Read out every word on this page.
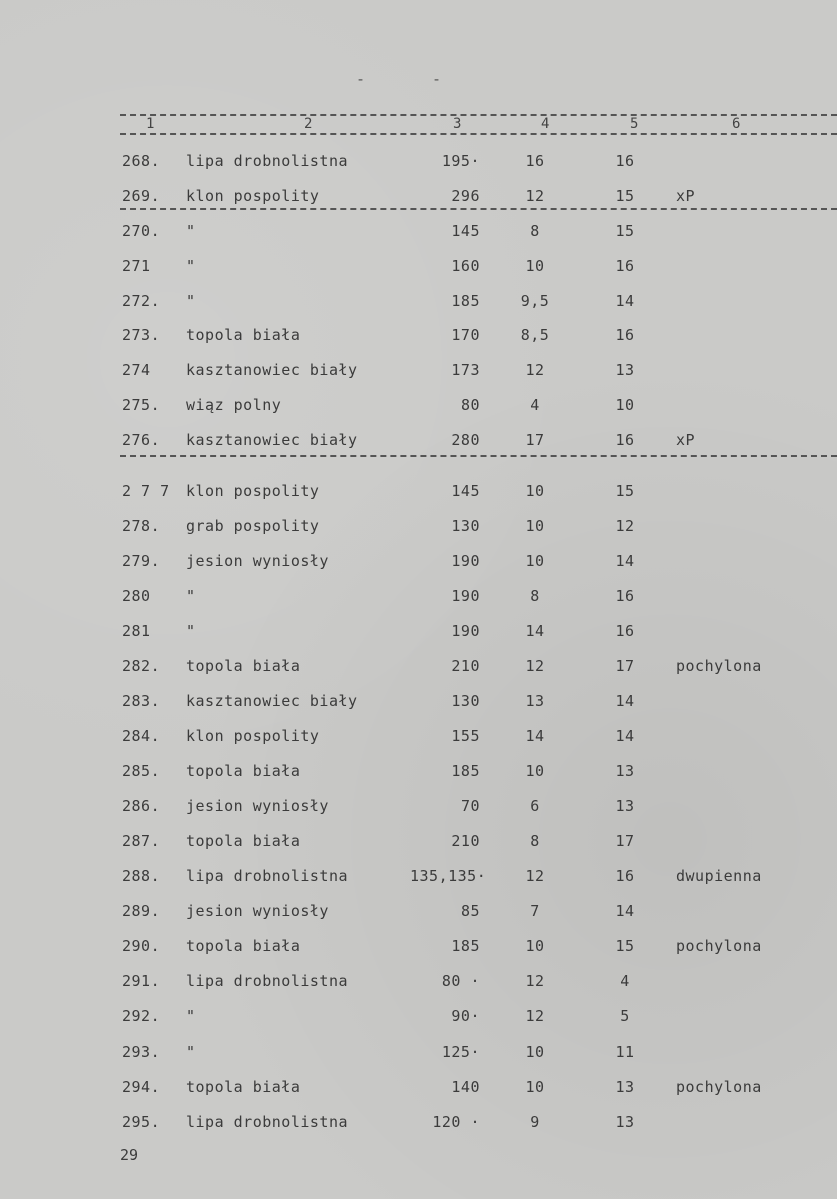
-	-
1	2	3	4	5	6
268. lipa drobnolistna	195·	16	16
269. klon pospolity	296	12	15	xP
270. "	145	8	15
271 "	160	10	16
272. "	185	9,5	14
273. topola biała	170	8,5	16
274 kasztanowiec biały	173	12	13
275. wiąz polny	80	4	10
276. kasztanowiec biały	280	17	16	xP
2 7 7 klon pospolity	145	10	15
278. grab pospolity	130	10	12
279. jesion wyniosły	190	10	14
280 "	190	8	16
281 "	190	14	16
282. topola biała	210	12	17	pochylona
283. kasztanowiec biały	130	13	14
284. klon pospolity	155	14	14
285. topola biała	185	10	13
286. jesion wyniosły	70	6	13
287. topola biała	210	8	17
288. lipa drobnolistna	135,135·	12	16	dwupienna
289. jesion wyniosły	85	7	14
290. topola biała	185	10	15	pochylona
291. lipa drobnolistna	80 ·	12	4
292. "	90·	12	5
293. "	125·	10	11
294. topola biała	140	10	13	pochylona
295. lipa drobnolistna	120 ·	9	13
29
